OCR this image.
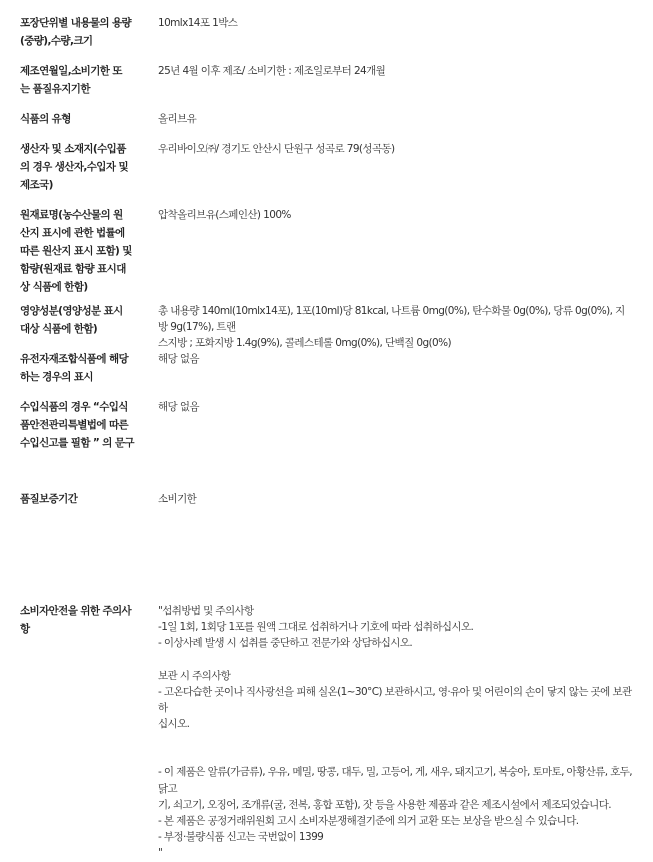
포장단위별 내용물의 용량
(중량),수량,크기
10mlx14포 1박스
제조연월일,소비기한 또
는 품질유지기한
25년 4월 이후 제조/ 소비기한 : 제조일로부터 24개월
식품의 유형	올리브유
생산자 및 소재지(수입품
의 경우 생산자,수입자 및
제조국)
우리바이오㈜/ 경기도 안산시 단원구 성곡로 79(성곡동)
원재료명(농수산물의 원
산지 표시에 관한 법률에
따른 원산지 표시 포함) 및
함량(원재료 함량 표시대
상 식품에 한함)
압착올리브유(스페인산) 100%
영양성분(영양성분 표시
대상 식품에 한함)
총 내용량 140ml(10mlx14포), 1포(10ml)당 81kcal, 나트륨 0mg(0%), 탄수화물 0g(0%), 당류 0g(0%), 지방 9g(17%), 트랜
스지방 ; 포화지방 1.4g(9%), 콜레스테롤 0mg(0%), 단백질 0g(0%)
유전자재조합식품에 해당
하는 경우의 표시
해당 없음
수입식품의 경우 “수입식
품안전관리특별법에 따른
수입신고를 필함 ” 의 문구
해당 없음
품질보증기간	소비기한
소비자안전을 위한 주의사
항
"섭취방법 및 주의사항
-1일 1회, 1회당 1포를 원액 그대로 섭취하거나 기호에 따라 섭취하십시오.
- 이상사례 발생 시 섭취를 중단하고 전문가와 상담하십시오.
보관 시 주의사항
- 고온다습한 곳이나 직사광선을 피해 실온(1~30°C) 보관하시고, 영·유아 및 어린이의 손이 닿지 않는 곳에 보관하
십시오.
- 이 제품은 알류(가금류), 우유, 메밀, 땅콩, 대두, 밀, 고등어, 게, 새우, 돼지고기, 복숭아, 토마토, 아황산류, 호두, 닭고
기, 쇠고기, 오징어, 조개류(굴, 전복, 홍합 포함), 잣 등을 사용한 제품과 같은 제조시설에서 제조되었습니다.
- 본 제품은 공정거래위원회 고시 소비자분쟁해결기준에 의거 교환 또는 보상을 받으실 수 있습니다.
- 부정·불량식품 신고는 국번없이 1399
"
